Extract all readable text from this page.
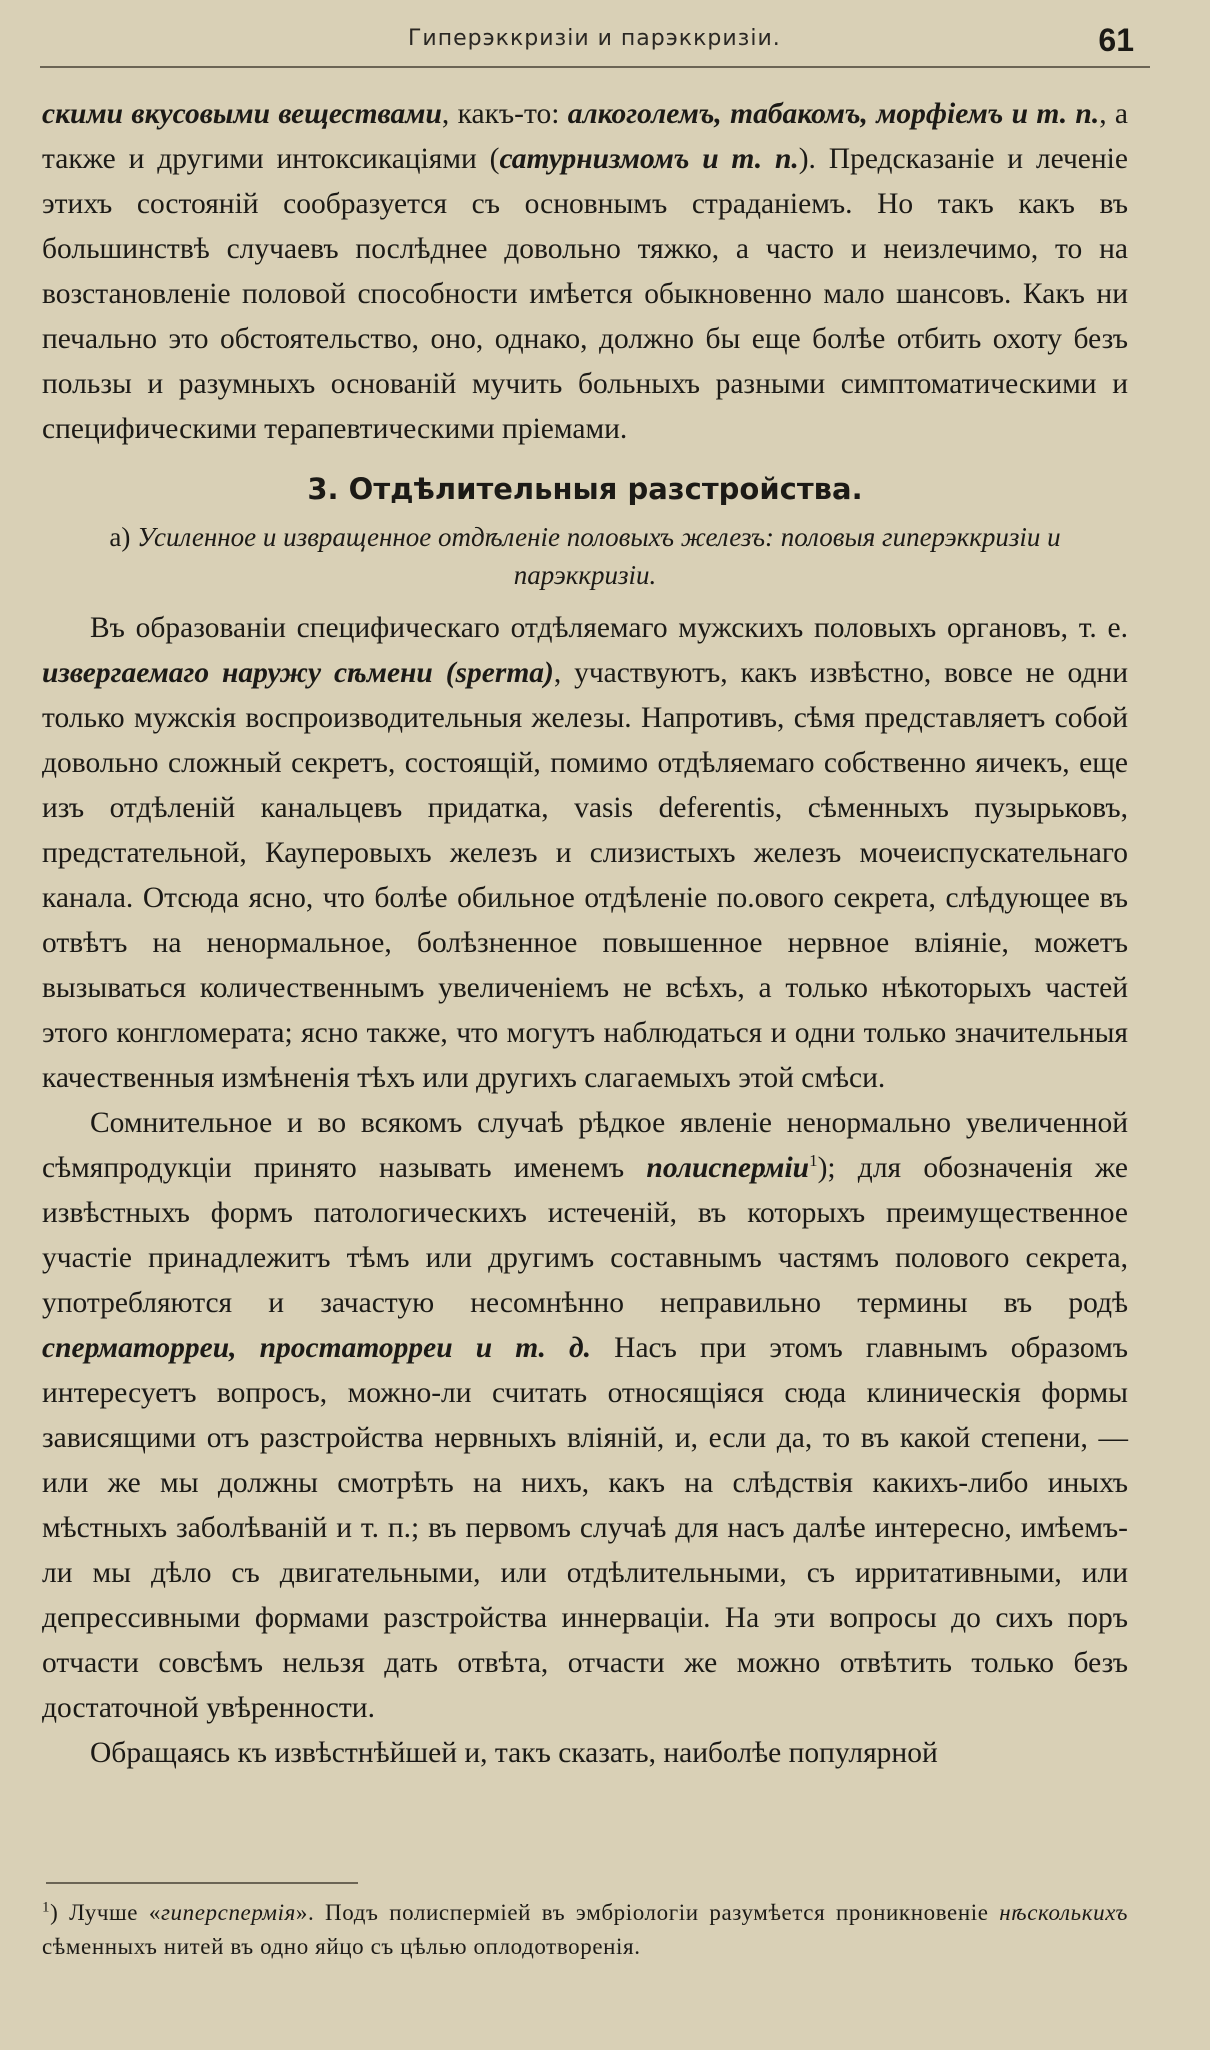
Гиперэккризіи и парэккризіи.	61

скими вкусовыми веществами, какъ-то: алкоголемъ, табакомъ, морфіемъ и т. п., а также и другими интоксикаціями (сатурнизмомъ и т. п.). Предсказаніе и леченіе этихъ состояній сообразуется съ основнымъ страданіемъ. Но такъ какъ въ большинствѣ случаевъ послѣднее довольно тяжко, а часто и неизлечимо, то на возстановленіе половой способности имѣется обыкновенно мало шансовъ. Какъ ни печально это обстоятельство, оно, однако, должно бы еще болѣе отбить охоту безъ пользы и разумныхъ основаній мучить больныхъ разными симптоматическими и специфическими терапевтическими пріемами.

3. Отдѣлительныя разстройства.
а) Усиленное и извращенное отдѣленіе половыхъ железъ: половыя гиперэккризіи и парэккризіи.

Въ образованіи специфическаго отдѣляемаго мужскихъ половыхъ органовъ, т. е. извергаемаго наружу сѣмени (sperma), участвуютъ, какъ извѣстно, вовсе не одни только мужскія воспроизводительныя железы. Напротивъ, сѣмя представляетъ собой довольно сложный секретъ, состоящій, помимо отдѣляемаго собственно яичекъ, еще изъ отдѣленій канальцевъ придатка, vasis deferentis, сѣменныхъ пузырьковъ, предстательной, Кауперовыхъ железъ и слизистыхъ железъ мочеиспускательнаго канала. Отсюда ясно, что болѣе обильное отдѣленіе по.ового секрета, слѣдующее въ отвѣтъ на ненормальное, болѣзненное повышенное нервное вліяніе, можетъ вызываться количественнымъ увеличеніемъ не всѣхъ, а только нѣкоторыхъ частей этого конгломерата; ясно также, что могутъ наблюдаться и одни только значительныя качественныя измѣненія тѣхъ или другихъ слагаемыхъ этой смѣси.

Сомнительное и во всякомъ случаѣ рѣдкое явленіе ненормально увеличенной сѣмяпродукціи принято называть именемъ полиспермiи$^1$); для обозначенія же извѣстныхъ формъ патологическихъ истеченій, въ которыхъ преимущественное участіе принадлежитъ тѣмъ или другимъ составнымъ частямъ полового секрета, употребляются и зачастую несомнѣнно неправильно термины въ родѣ сперматорреи, простаторреи и т. д. Насъ при этомъ главнымъ образомъ интересуетъ вопросъ, можно-ли считать относящіяся сюда клиническія формы зависящими отъ разстройства нервныхъ вліяній, и, если да, то въ какой степени, — или же мы должны смотрѣть на нихъ, какъ на слѣдствія какихъ-либо иныхъ мѣстныхъ заболѣваній и т. п.; въ первомъ случаѣ для насъ далѣе интересно, имѣемъ-ли мы дѣло съ двигательными, или отдѣлительными, съ ирритативными, или депрессивными формами разстройства иннерваціи. На эти вопросы до сихъ поръ отчасти совсѣмъ нельзя дать отвѣта, отчасти же можно отвѣтить только безъ достаточной увѣренности.

Обращаясь къ извѣстнѣйшей и, такъ сказать, наиболѣе популярной

$^1$) Лучше «гиперспермія». Подъ полиспермiей въ эмбріологіи разумѣется проникновеніе нѣсколькихъ сѣменныхъ нитей въ одно яйцо съ цѣлью оплодотворенія.
